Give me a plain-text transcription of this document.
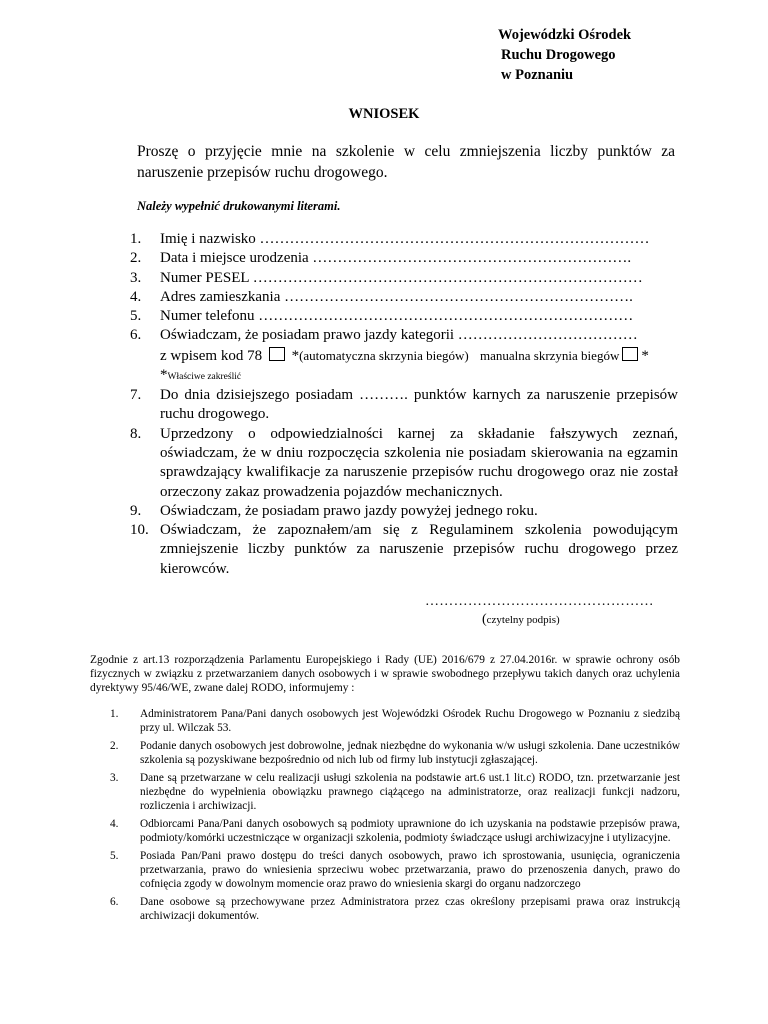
Wojewódzki Ośrodek
Ruchu Drogowego
w Poznaniu
WNIOSEK
Proszę o przyjęcie mnie na szkolenie w celu zmniejszenia liczby punktów za naruszenie przepisów ruchu drogowego.
Należy wypełnić drukowanymi literami.
1.	Imię i nazwisko ……………………………………………………………………
2.	Data i miejsce urodzenia ……………………………………………………….
3.	Numer PESEL ……………………………………………………………………
4.	Adres zamieszkania …………………………………………………………….
5.	Numer telefonu …………………………………………………………………
6.	Oświadczam, że posiadam prawo jazdy kategorii ………………………………
z wpisem kod 78 *(automatyczna skrzynia biegów) manualna skrzynia biegów *
*Właściwe zakreślić
7.	Do dnia dzisiejszego posiadam ………. punktów karnych za naruszenie przepisów ruchu drogowego.
8.	Uprzedzony o odpowiedzialności karnej za składanie fałszywych zeznań, oświadczam, że w dniu rozpoczęcia szkolenia nie posiadam skierowania na egzamin sprawdzający kwalifikacje za naruszenie przepisów ruchu drogowego oraz nie został orzeczony zakaz prowadzenia pojazdów mechanicznych.
9.	Oświadczam, że posiadam prawo jazdy powyżej jednego roku.
10. Oświadczam, że zapoznałem/am się z Regulaminem szkolenia powodującym zmniejszenie liczby punktów za naruszenie przepisów ruchu drogowego przez kierowców.
…………………………………………
(czytelny podpis)
Zgodnie z art.13 rozporządzenia Parlamentu Europejskiego i Rady (UE) 2016/679 z 27.04.2016r. w sprawie ochrony osób fizycznych w związku z przetwarzaniem danych osobowych i w sprawie swobodnego przepływu takich danych oraz uchylenia dyrektywy 95/46/WE, zwane dalej RODO, informujemy :
1.	Administratorem Pana/Pani danych osobowych jest Wojewódzki Ośrodek Ruchu Drogowego w Poznaniu z siedzibą przy ul. Wilczak 53.
2.	Podanie danych osobowych jest dobrowolne, jednak niezbędne do wykonania w/w usługi szkolenia. Dane uczestników szkolenia są pozyskiwane bezpośrednio od nich lub od firmy lub instytucji zgłaszającej.
3.	Dane są przetwarzane w celu realizacji usługi szkolenia na podstawie art.6 ust.1 lit.c) RODO, tzn. przetwarzanie jest niezbędne do wypełnienia obowiązku prawnego ciążącego na administratorze, oraz realizacji funkcji nadzoru, rozliczenia i archiwizacji.
4.	Odbiorcami Pana/Pani danych osobowych są podmioty uprawnione do ich uzyskania na podstawie przepisów prawa, podmioty/komórki uczestniczące w organizacji szkolenia, podmioty świadczące usługi archiwizacyjne i utylizacyjne.
5.	Posiada Pan/Pani prawo dostępu do treści danych osobowych, prawo ich sprostowania, usunięcia, ograniczenia przetwarzania, prawo do wniesienia sprzeciwu wobec przetwarzania, prawo do przenoszenia danych, prawo do cofnięcia zgody w dowolnym momencie oraz prawo do wniesienia skargi do organu nadzorczego
6.	Dane osobowe są przechowywane przez Administratora przez czas określony przepisami prawa oraz instrukcją archiwizacji dokumentów.
